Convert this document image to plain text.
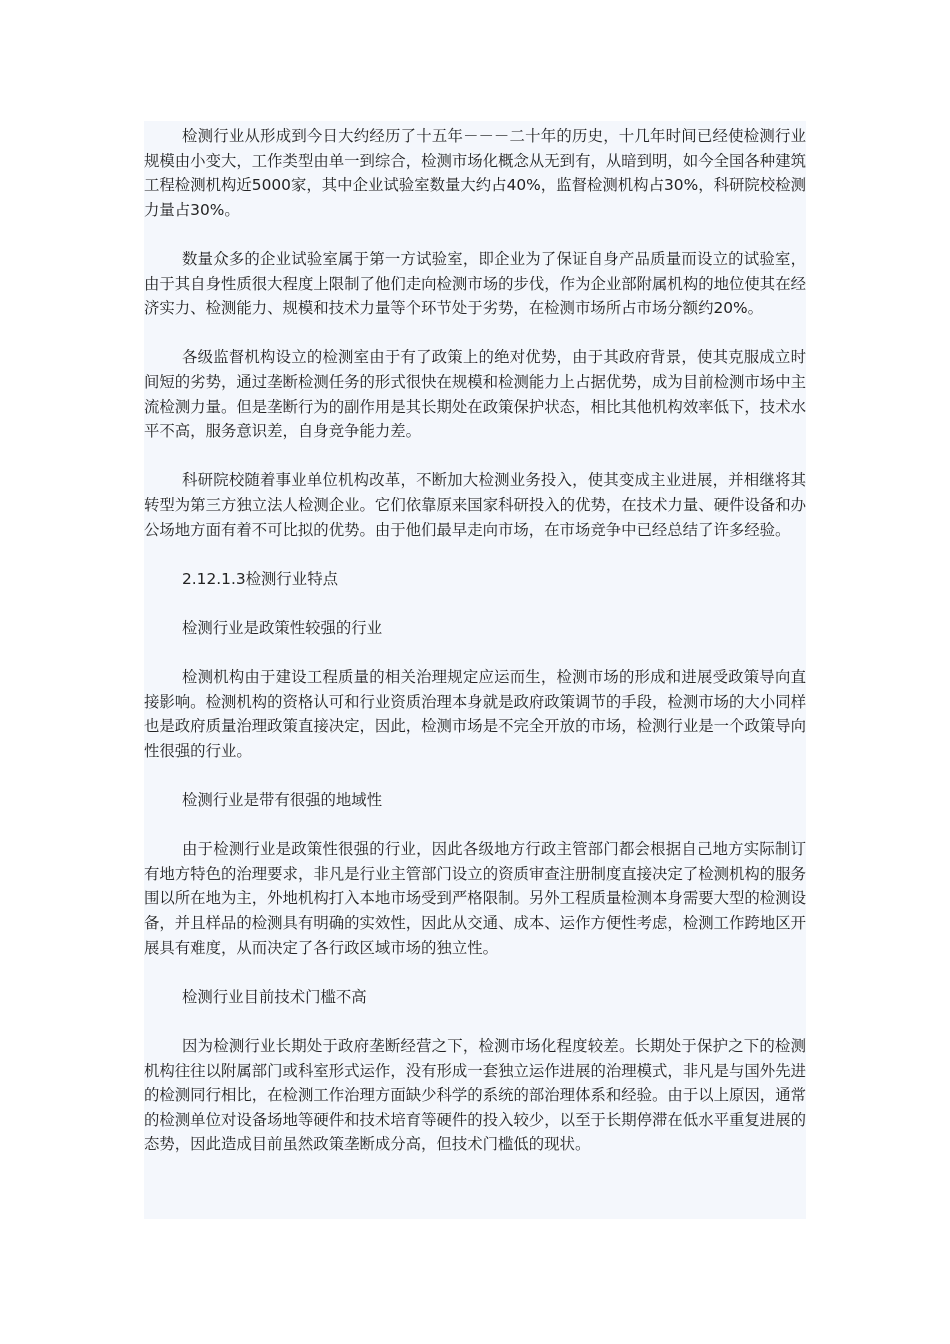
检测行业从形成到今日大约经历了十五年－－－二十年的历史，十几年时间已经使检测行业规模由小变大，工作类型由单一到综合，检测市场化概念从无到有，从暗到明，如今全国各种建筑工程检测机构近5000家，其中企业试验室数量大约占40%，监督检测机构占30%，科研院校检测力量占30%。

数量众多的企业试验室属于第一方试验室，即企业为了保证自身产品质量而设立的试验室，由于其自身性质很大程度上限制了他们走向检测市场的步伐，作为企业部附属机构的地位使其在经济实力、检测能力、规模和技术力量等个环节处于劣势，在检测市场所占市场分额约20%。

各级监督机构设立的检测室由于有了政策上的绝对优势，由于其政府背景，使其克服成立时间短的劣势，通过垄断检测任务的形式很快在规模和检测能力上占据优势，成为目前检测市场中主流检测力量。但是垄断行为的副作用是其长期处在政策保护状态，相比其他机构效率低下，技术水平不高，服务意识差，自身竞争能力差。

科研院校随着事业单位机构改革，不断加大检测业务投入，使其变成主业进展，并相继将其转型为第三方独立法人检测企业。它们依靠原来国家科研投入的优势，在技术力量、硬件设备和办公场地方面有着不可比拟的优势。由于他们最早走向市场，在市场竞争中已经总结了许多经验。

2.12.1.3检测行业特点

检测行业是政策性较强的行业

检测机构由于建设工程质量的相关治理规定应运而生，检测市场的形成和进展受政策导向直接影响。检测机构的资格认可和行业资质治理本身就是政府政策调节的手段，检测市场的大小同样也是政府质量治理政策直接决定，因此，检测市场是不完全开放的市场，检测行业是一个政策导向性很强的行业。

检测行业是带有很强的地域性

由于检测行业是政策性很强的行业，因此各级地方行政主管部门都会根据自己地方实际制订有地方特色的治理要求，非凡是行业主管部门设立的资质审查注册制度直接决定了检测机构的服务围以所在地为主，外地机构打入本地市场受到严格限制。另外工程质量检测本身需要大型的检测设备，并且样品的检测具有明确的实效性，因此从交通、成本、运作方便性考虑，检测工作跨地区开展具有难度，从而决定了各行政区域市场的独立性。

检测行业目前技术门槛不高

因为检测行业长期处于政府垄断经营之下，检测市场化程度较差。长期处于保护之下的检测机构往往以附属部门或科室形式运作，没有形成一套独立运作进展的治理模式，非凡是与国外先进的检测同行相比，在检测工作治理方面缺少科学的系统的部治理体系和经验。由于以上原因，通常的检测单位对设备场地等硬件和技术培育等硬件的投入较少，以至于长期停滞在低水平重复进展的态势，因此造成目前虽然政策垄断成分高，但技术门槛低的现状。
